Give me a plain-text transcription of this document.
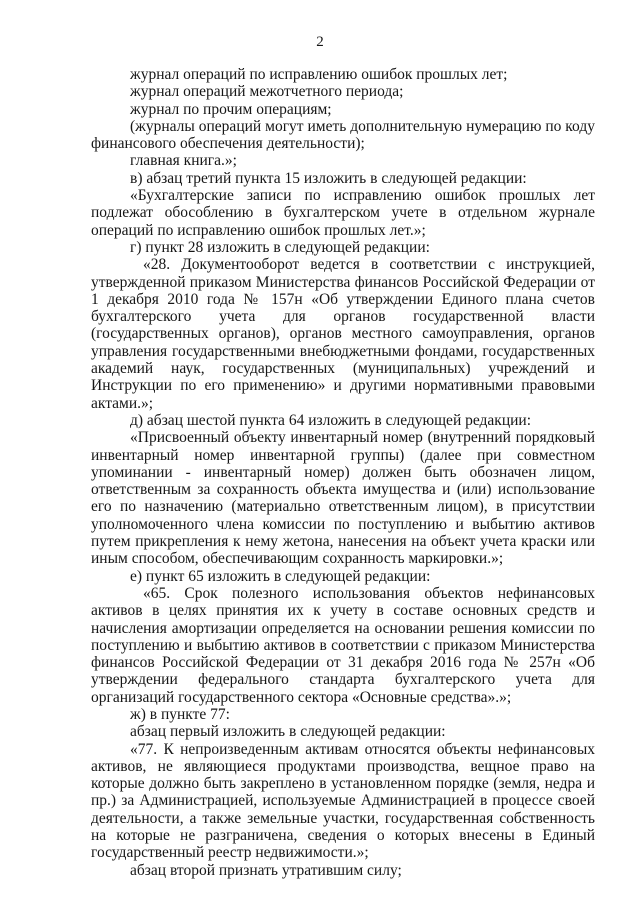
2

журнал операций по исправлению ошибок прошлых лет;

журнал операций межотчетного периода;

журнал по прочим операциям;

(журналы операций могут иметь дополнительную нумерацию по коду финансового обеспечения деятельности);

главная книга.»;

в) абзац третий пункта 15 изложить в следующей редакции:

«Бухгалтерские записи по исправлению ошибок прошлых лет подлежат обособлению в бухгалтерском учете в отдельном журнале операций по исправлению ошибок прошлых лет.»;

г) пункт 28 изложить в следующей редакции:

«28. Документооборот ведется в соответствии с инструкцией, утвержденной приказом Министерства финансов Российской Федерации от 1 декабря 2010 года № 157н «Об утверждении Единого плана счетов бухгалтерского учета для органов государственной власти (государственных органов), органов местного самоуправления, органов управления государственными внебюджетными фондами, государственных академий наук, государственных (муниципальных) учреждений и Инструкции по его применению» и другими нормативными правовыми актами.»;

д) абзац шестой пункта 64 изложить в следующей редакции:

«Присвоенный объекту инвентарный номер (внутренний порядковый инвентарный номер инвентарной группы) (далее при совместном упоминании - инвентарный номер) должен быть обозначен лицом, ответственным за сохранность объекта имущества и (или) использование его по назначению (материально ответственным лицом), в присутствии уполномоченного члена комиссии по поступлению и выбытию активов путем прикрепления к нему жетона, нанесения на объект учета краски или иным способом, обеспечивающим сохранность маркировки.»;

е) пункт 65 изложить в следующей редакции:

«65. Срок полезного использования объектов нефинансовых активов в целях принятия их к учету в составе основных средств и начисления амортизации определяется на основании решения комиссии по поступлению и выбытию активов в соответствии с приказом Министерства финансов Российской Федерации от 31 декабря 2016 года № 257н «Об утверждении федерального стандарта бухгалтерского учета для организаций государственного сектора «Основные средства».»;

ж) в пункте 77:

абзац первый изложить в следующей редакции:

«77. К непроизведенным активам относятся объекты нефинансовых активов, не являющиеся продуктами производства, вещное право на которые должно быть закреплено в установленном порядке (земля, недра и пр.) за Администрацией, используемые Администрацией в процессе своей деятельности, а также земельные участки, государственная собственность на которые не разграничена, сведения о которых внесены в Единый государственный реестр недвижимости.»;

абзац второй признать утратившим силу;
